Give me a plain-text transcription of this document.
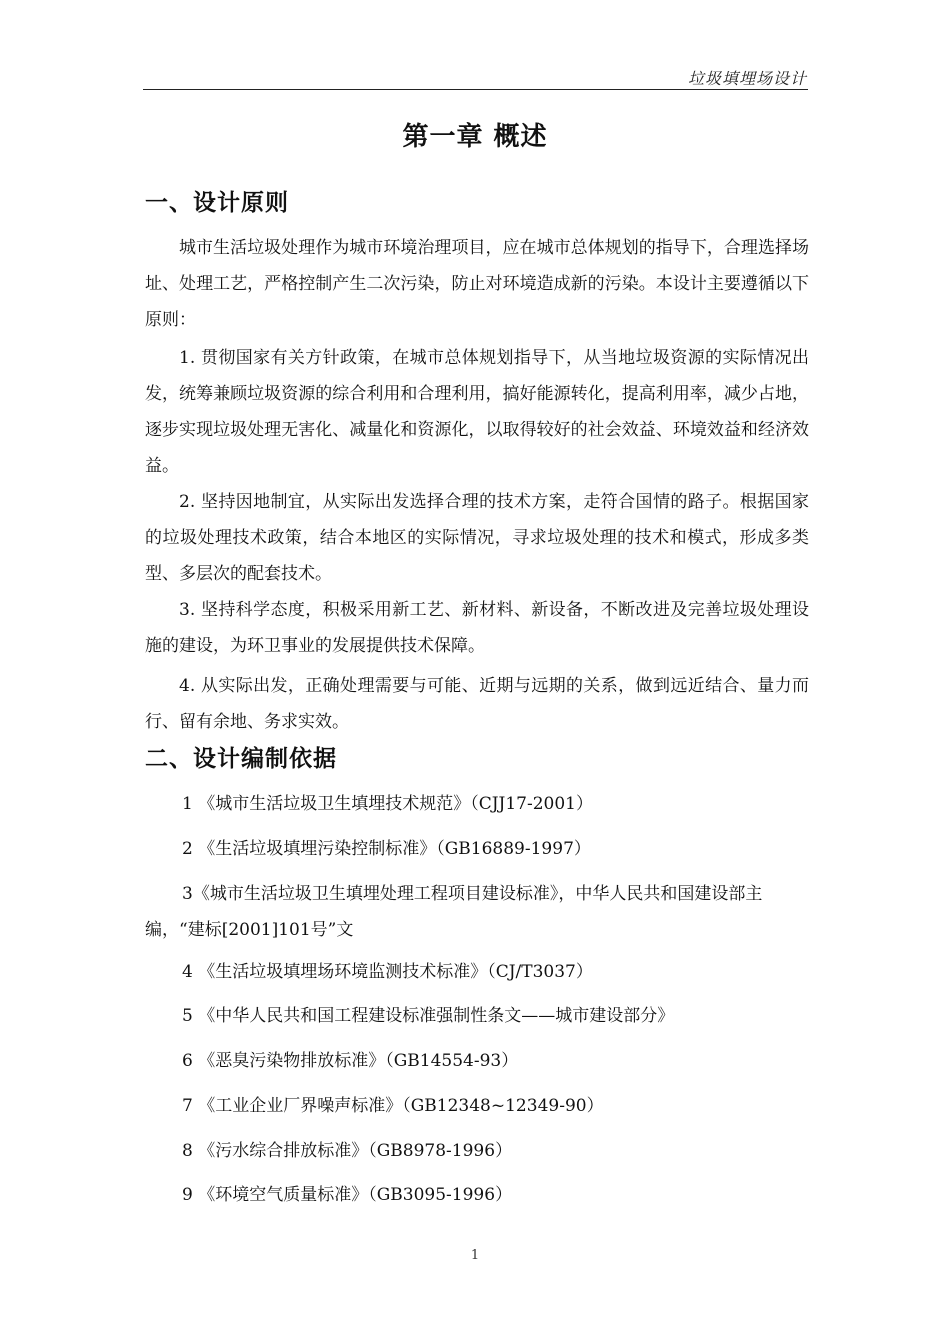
垃圾填埋场设计
第一章 概述
一、设计原则

城市生活垃圾处理作为城市环境治理项目，应在城市总体规划的指导下，合理选择场址、处理工艺，严格控制产生二次污染，防止对环境造成新的污染。本设计主要遵循以下原则：

1. 贯彻国家有关方针政策，在城市总体规划指导下，从当地垃圾资源的实际情况出发，统筹兼顾垃圾资源的综合利用和合理利用，搞好能源转化，提高利用率，减少占地，逐步实现垃圾处理无害化、减量化和资源化，以取得较好的社会效益、环境效益和经济效益。

2. 坚持因地制宜，从实际出发选择合理的技术方案，走符合国情的路子。根据国家的垃圾处理技术政策，结合本地区的实际情况，寻求垃圾处理的技术和模式，形成多类型、多层次的配套技术。

3. 坚持科学态度，积极采用新工艺、新材料、新设备，不断改进及完善垃圾处理设施的建设，为环卫事业的发展提供技术保障。

4. 从实际出发，正确处理需要与可能、近期与远期的关系，做到远近结合、量力而行、留有余地、务求实效。

二、设计编制依据

1 《城市生活垃圾卫生填埋技术规范》（CJJ17-2001）

2 《生活垃圾填埋污染控制标准》（GB16889-1997）

3《城市生活垃圾卫生填埋处理工程项目建设标准》，中华人民共和国建设部主编，“建标[2001]101号”文

4 《生活垃圾填埋场环境监测技术标准》（CJ/T3037）

5 《中华人民共和国工程建设标准强制性条文——城市建设部分》

6 《恶臭污染物排放标准》（GB14554-93）

7 《工业企业厂界噪声标准》（GB12348~12349-90）

8 《污水综合排放标准》（GB8978-1996）

9 《环境空气质量标准》（GB3095-1996）

1
